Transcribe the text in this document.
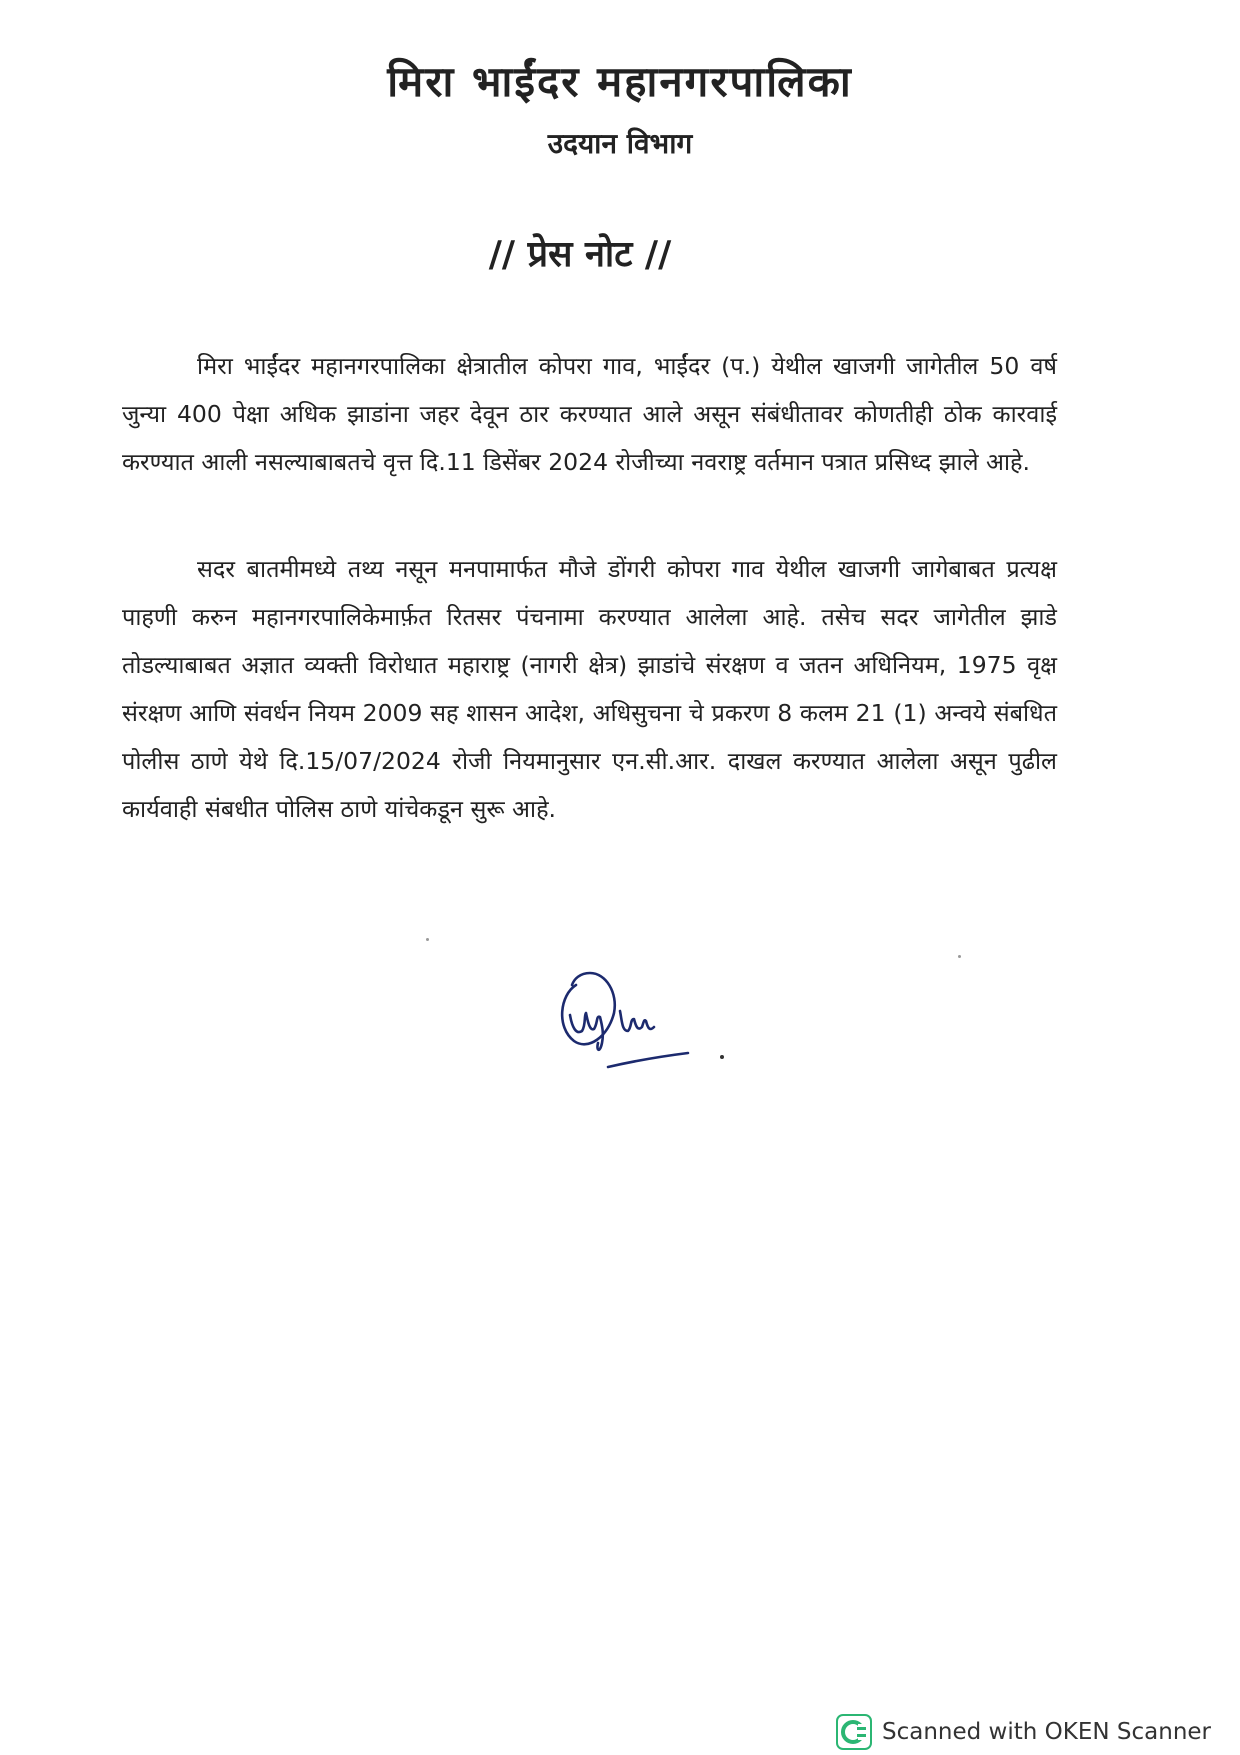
मिरा भाईंदर महानगरपालिका
उदयान विभाग
// प्रेस नोट //
मिरा भाईंदर महानगरपालिका क्षेत्रातील कोपरा गाव, भाईंदर (प.) येथील खाजगी जागेतील 50 वर्ष जुन्या 400 पेक्षा अधिक झाडांना जहर देवून ठार करण्यात आले असून संबंधीतावर कोणतीही ठोक कारवाई करण्यात आली नसल्याबाबतचे वृत्त दि.11 डिसेंबर 2024 रोजीच्या नवराष्ट्र वर्तमान पत्रात प्रसिध्द झाले आहे.
सदर बातमीमध्ये तथ्य नसून मनपामार्फत मौजे डोंगरी कोपरा गाव येथील खाजगी जागेबाबत प्रत्यक्ष पाहणी करुन महानगरपालिकेमार्फ़त रितसर पंचनामा करण्यात आलेला आहे. तसेच सदर जागेतील झाडे तोडल्याबाबत अज्ञात व्यक्ती विरोधात महाराष्ट्र (नागरी क्षेत्र) झाडांचे संरक्षण व जतन अधिनियम, 1975 वृक्ष संरक्षण आणि संवर्धन नियम 2009 सह शासन आदेश, अधिसुचना चे प्रकरण 8 कलम 21 (1) अन्वये संबधित पोलीस ठाणे येथे दि.15/07/2024 रोजी नियमानुसार एन.सी.आर. दाखल करण्यात आलेला असून पुढील कार्यवाही संबधीत पोलिस ठाणे यांचेकडून सुरू आहे.
Scanned with OKEN Scanner
